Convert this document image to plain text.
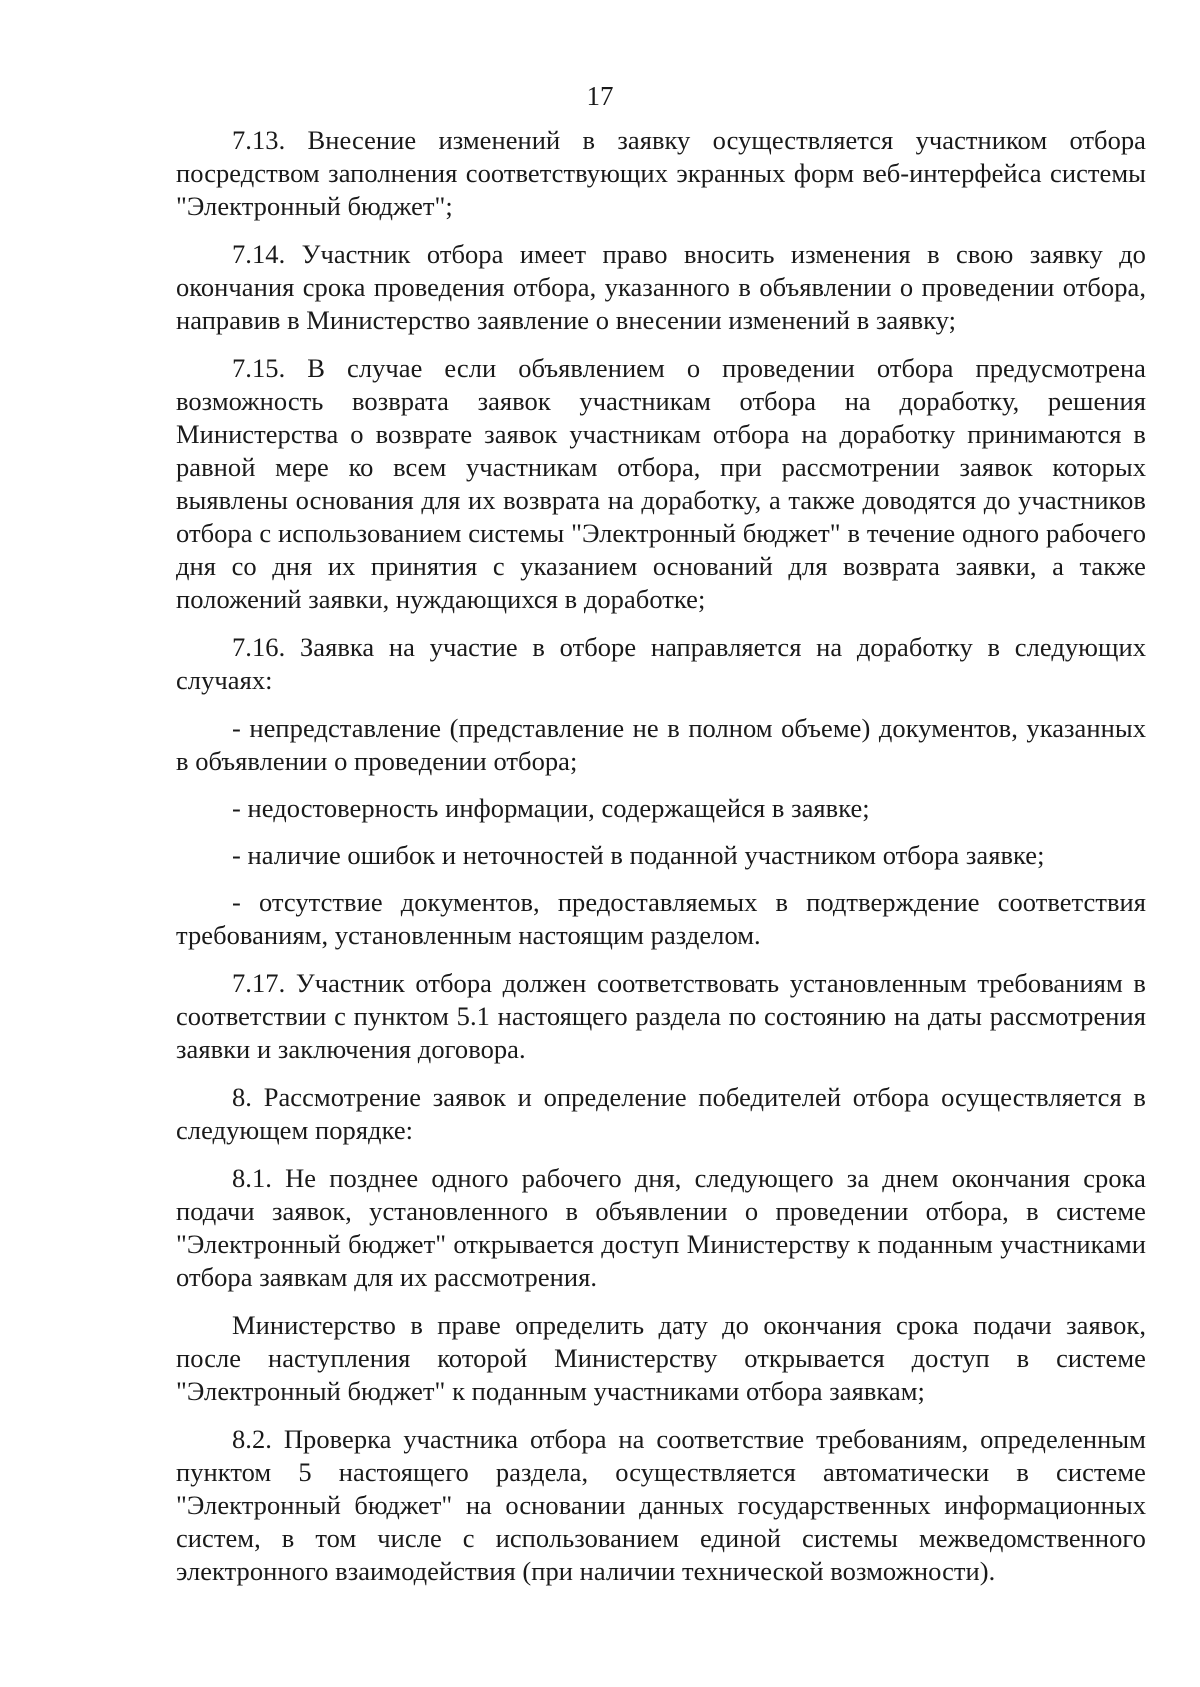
17

7.13. Внесение изменений в заявку осуществляется участником отбора посредством заполнения соответствующих экранных форм веб-интерфейса системы "Электронный бюджет";

7.14. Участник отбора имеет право вносить изменения в свою заявку до окончания срока проведения отбора, указанного в объявлении о проведении отбора, направив в Министерство заявление о внесении изменений в заявку;

7.15. В случае если объявлением о проведении отбора предусмотрена возможность возврата заявок участникам отбора на доработку, решения Министерства о возврате заявок участникам отбора на доработку принимаются в равной мере ко всем участникам отбора, при рассмотрении заявок которых выявлены основания для их возврата на доработку, а также доводятся до участников отбора с использованием системы "Электронный бюджет" в течение одного рабочего дня со дня их принятия с указанием оснований для возврата заявки, а также положений заявки, нуждающихся в доработке;

7.16. Заявка на участие в отборе направляется на доработку в следующих случаях:

- непредставление (представление не в полном объеме) документов, указанных в объявлении о проведении отбора;

- недостоверность информации, содержащейся в заявке;

- наличие ошибок и неточностей в поданной участником отбора заявке;

- отсутствие документов, предоставляемых в подтверждение соответствия требованиям, установленным настоящим разделом.

7.17. Участник отбора должен соответствовать установленным требованиям в соответствии с пунктом 5.1 настоящего раздела по состоянию на даты рассмотрения заявки и заключения договора.

8. Рассмотрение заявок и определение победителей отбора осуществляется в следующем порядке:

8.1. Не позднее одного рабочего дня, следующего за днем окончания срока подачи заявок, установленного в объявлении о проведении отбора, в системе "Электронный бюджет" открывается доступ Министерству к поданным участниками отбора заявкам для их рассмотрения.

Министерство в праве определить дату до окончания срока подачи заявок, после наступления которой Министерству открывается доступ в системе "Электронный бюджет" к поданным участниками отбора заявкам;

8.2. Проверка участника отбора на соответствие требованиям, определенным пунктом 5 настоящего раздела, осуществляется автоматически в системе "Электронный бюджет" на основании данных государственных информационных систем, в том числе с использованием единой системы межведомственного электронного взаимодействия (при наличии технической возможности).
